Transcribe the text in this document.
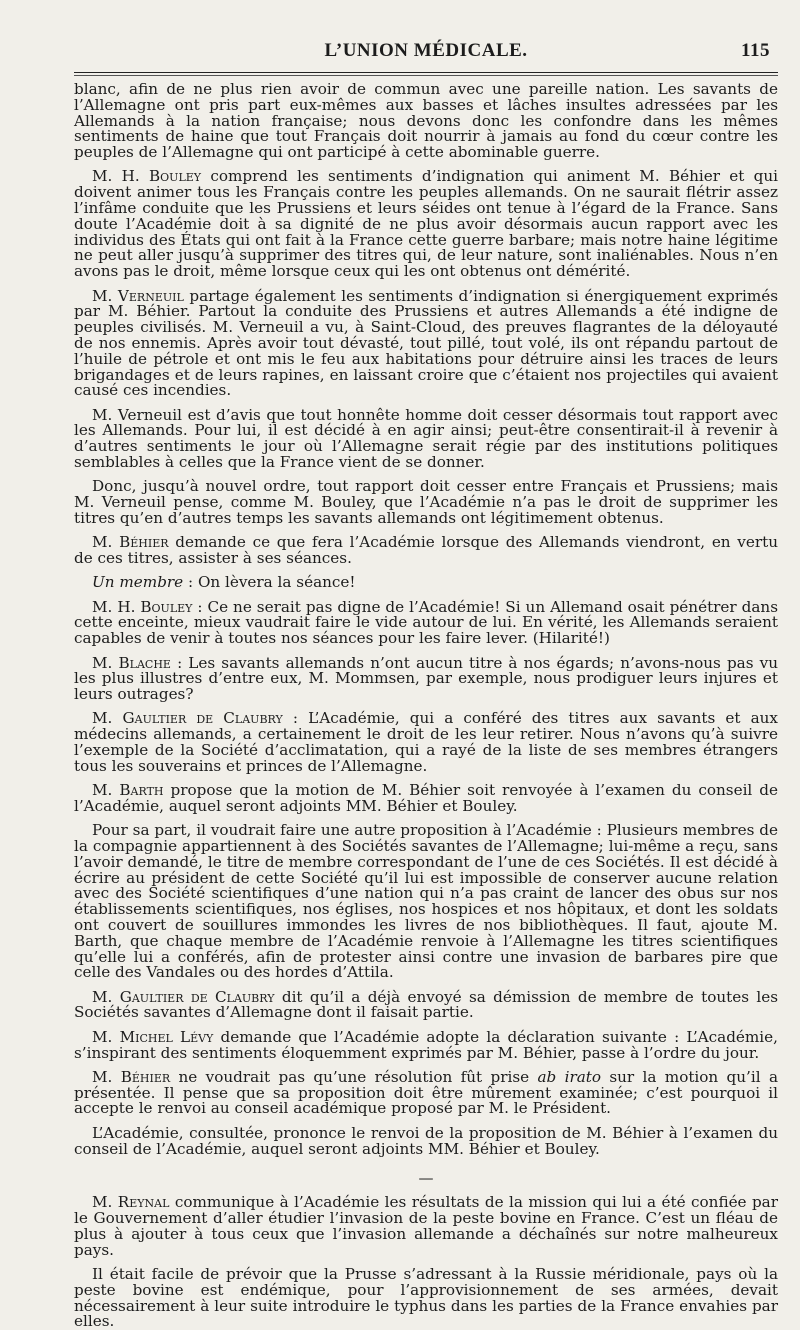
L’UNION MÉDICALE.	115

blanc, afin de ne plus rien avoir de commun avec une pareille nation. Les savants de l’Allemagne ont pris part eux-mêmes aux basses et lâches insultes adressées par les Allemands à la nation française; nous devons donc les confondre dans les mêmes sentiments de haine que tout Français doit nourrir à jamais au fond du cœur contre les peuples de l’Allemagne qui ont participé à cette abominable guerre.

M. H. Bouley comprend les sentiments d’indignation qui animent M. Béhier et qui doivent animer tous les Français contre les peuples allemands. On ne saurait flétrir assez l’infâme conduite que les Prussiens et leurs séides ont tenue à l’égard de la France. Sans doute l’Académie doit à sa dignité de ne plus avoir désormais aucun rapport avec les individus des États qui ont fait à la France cette guerre barbare; mais notre haine légitime ne peut aller jusqu’à supprimer des titres qui, de leur nature, sont inaliénables. Nous n’en avons pas le droit, même lorsque ceux qui les ont obtenus ont démérité.

M. Verneuil partage également les sentiments d’indignation si énergiquement exprimés par M. Béhier. Partout la conduite des Prussiens et autres Allemands a été indigne de peuples civilisés. M. Verneuil a vu, à Saint-Cloud, des preuves flagrantes de la déloyauté de nos ennemis. Après avoir tout dévasté, tout pillé, tout volé, ils ont répandu partout de l’huile de pétrole et ont mis le feu aux habitations pour détruire ainsi les traces de leurs brigandages et de leurs rapines, en laissant croire que c’étaient nos projectiles qui avaient causé ces incendies.

M. Verneuil est d’avis que tout honnête homme doit cesser désormais tout rapport avec les Allemands. Pour lui, il est décidé à en agir ainsi; peut-être consentirait-il à revenir à d’autres sentiments le jour où l’Allemagne serait régie par des institutions politiques semblables à celles que la France vient de se donner.

Donc, jusqu’à nouvel ordre, tout rapport doit cesser entre Français et Prussiens; mais M. Verneuil pense, comme M. Bouley, que l’Académie n’a pas le droit de supprimer les titres qu’en d’autres temps les savants allemands ont légitimement obtenus.

M. Béhier demande ce que fera l’Académie lorsque des Allemands viendront, en vertu de ces titres, assister à ses séances.

Un membre : On lèvera la séance!

M. H. Bouley : Ce ne serait pas digne de l’Académie! Si un Allemand osait pénétrer dans cette enceinte, mieux vaudrait faire le vide autour de lui. En vérité, les Allemands seraient capables de venir à toutes nos séances pour les faire lever. (Hilarité!)

M. Blache : Les savants allemands n’ont aucun titre à nos égards; n’avons-nous pas vu les plus illustres d’entre eux, M. Mommsen, par exemple, nous prodiguer leurs injures et leurs outrages?

M. Gaultier de Claubry : L’Académie, qui a conféré des titres aux savants et aux médecins allemands, a certainement le droit de les leur retirer. Nous n’avons qu’à suivre l’exemple de la Société d’acclimatation, qui a rayé de la liste de ses membres étrangers tous les souverains et princes de l’Allemagne.

M. Barth propose que la motion de M. Béhier soit renvoyée à l’examen du conseil de l’Académie, auquel seront adjoints MM. Béhier et Bouley.

Pour sa part, il voudrait faire une autre proposition à l’Académie : Plusieurs membres de la compagnie appartiennent à des Sociétés savantes de l’Allemagne; lui-même a reçu, sans l’avoir demandé, le titre de membre correspondant de l’une de ces Sociétés. Il est décidé à écrire au président de cette Société qu’il lui est impossible de conserver aucune relation avec des Société scientifiques d’une nation qui n’a pas craint de lancer des obus sur nos établissements scientifiques, nos églises, nos hospices et nos hôpitaux, et dont les soldats ont couvert de souillures immondes les livres de nos bibliothèques. Il faut, ajoute M. Barth, que chaque membre de l’Académie renvoie à l’Allemagne les titres scientifiques qu’elle lui a conférés, afin de protester ainsi contre une invasion de barbares pire que celle des Vandales ou des hordes d’Attila.

M. Gaultier de Claubry dit qu’il a déjà envoyé sa démission de membre de toutes les Sociétés savantes d’Allemagne dont il faisait partie.

M. Michel Lévy demande que l’Académie adopte la déclaration suivante : L’Académie, s’inspirant des sentiments éloquemment exprimés par M. Béhier, passe à l’ordre du jour.

M. Béhier ne voudrait pas qu’une résolution fût prise ab irato sur la motion qu’il a présentée. Il pense que sa proposition doit être mûrement examinée; c’est pourquoi il accepte le renvoi au conseil académique proposé par M. le Président.

L’Académie, consultée, prononce le renvoi de la proposition de M. Béhier à l’examen du conseil de l’Académie, auquel seront adjoints MM. Béhier et Bouley.

—

M. Reynal communique à l’Académie les résultats de la mission qui lui a été confiée par le Gouvernement d’aller étudier l’invasion de la peste bovine en France. C’est un fléau de plus à ajouter à tous ceux que l’invasion allemande a déchaînés sur notre malheureux pays.

Il était facile de prévoir que la Prusse s’adressant à la Russie méridionale, pays où la peste bovine est endémique, pour l’approvisionnement de ses armées, devait nécessairement à leur suite introduire le typhus dans les parties de la France envahies par elles.
